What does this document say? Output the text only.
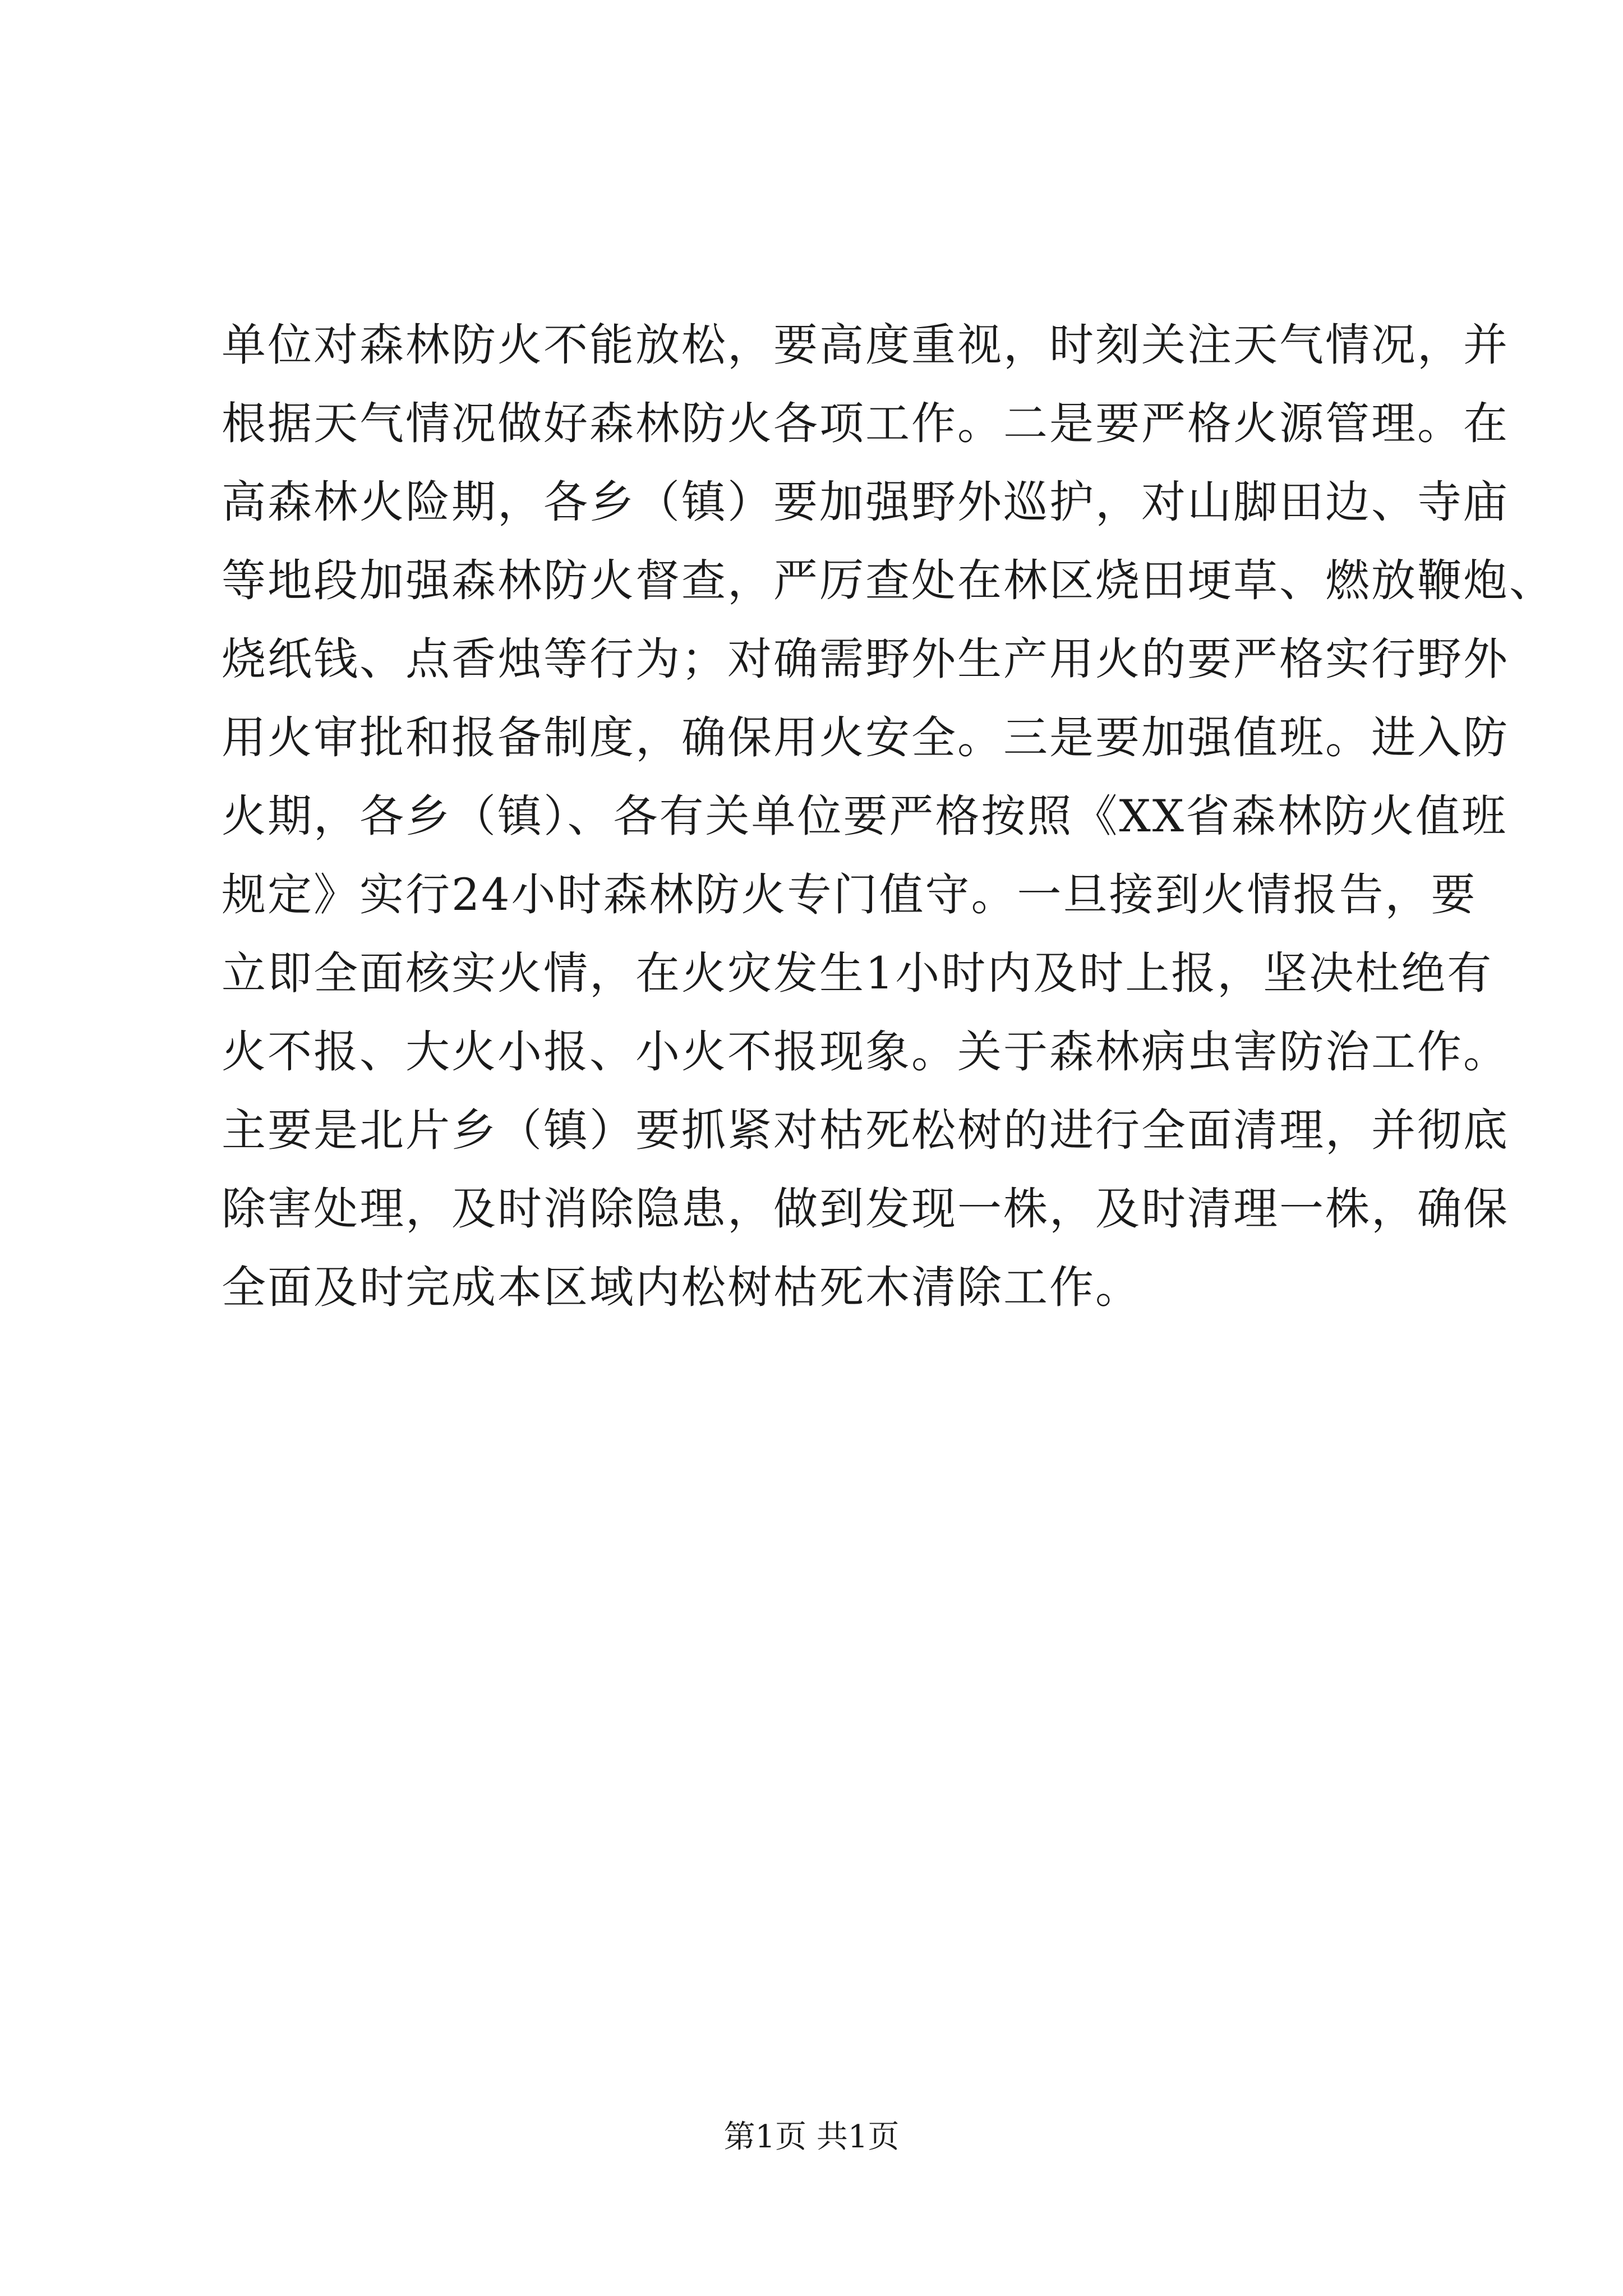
单位对森林防火不能放松，要高度重视，时刻关注天气情况，并
根据天气情况做好森林防火各项工作。二是要严格火源管理。在
高森林火险期，各乡（镇）要加强野外巡护，对山脚田边、寺庙
等地段加强森林防火督查，严厉查处在林区烧田埂草、燃放鞭炮、
烧纸钱、点香烛等行为；对确需野外生产用火的要严格实行野外
用火审批和报备制度，确保用火安全。三是要加强值班。进入防
火期，各乡（镇）、各有关单位要严格按照《XX省森林防火值班
规定》实行24小时森林防火专门值守。一旦接到火情报告，要
立即全面核实火情，在火灾发生1小时内及时上报，坚决杜绝有
火不报、大火小报、小火不报现象。关于森林病虫害防治工作。
主要是北片乡（镇）要抓紧对枯死松树的进行全面清理，并彻底
除害处理，及时消除隐患，做到发现一株，及时清理一株，确保
全面及时完成本区域内松树枯死木清除工作。
第1页 共1页
